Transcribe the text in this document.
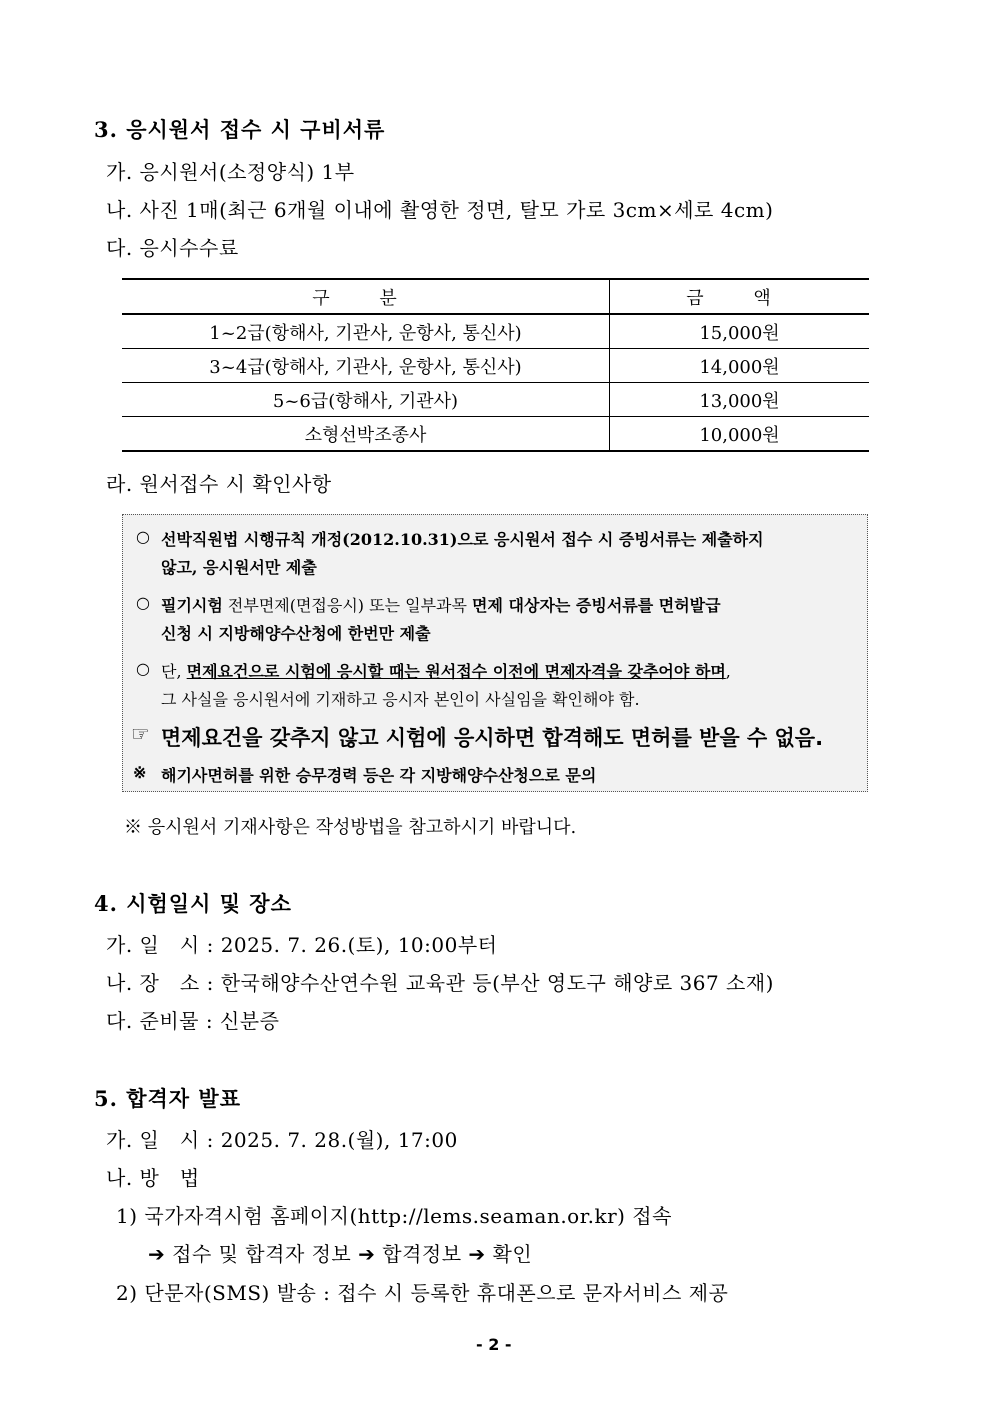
3. 응시원서 접수 시 구비서류
가. 응시원서(소정양식) 1부
나. 사진 1매(최근 6개월 이내에 촬영한 정면, 탈모 가로 3cm×세로 4cm)
다. 응시수수료
구 분	금 액
1~2급(항해사, 기관사, 운항사, 통신사)	15,000원
3~4급(항해사, 기관사, 운항사, 통신사)	14,000원
5~6급(항해사, 기관사)	13,000원
소형선박조종사	10,000원
라. 원서접수 시 확인사항
○ 선박직원법 시행규칙 개정(2012.10.31)으로 응시원서 접수 시 증빙서류는 제출하지
않고, 응시원서만 제출
○ 필기시험 전부면제(면접응시) 또는 일부과목 면제 대상자는 증빙서류를 면허발급
신청 시 지방해양수산청에 한번만 제출
○ 단, 면제요건으로 시험에 응시할 때는 원서접수 이전에 면제자격을 갖추어야 하며,
그 사실을 응시원서에 기재하고 응시자 본인이 사실임을 확인해야 함.
☞ 면제요건을 갖추지 않고 시험에 응시하면 합격해도 면허를 받을 수 없음.
※ 해기사면허를 위한 승무경력 등은 각 지방해양수산청으로 문의
※ 응시원서 기재사항은 작성방법을 참고하시기 바랍니다.
4. 시험일시 및 장소
가. 일   시 : 2025. 7. 26.(토), 10:00부터
나. 장   소 : 한국해양수산연수원 교육관 등(부산 영도구 해양로 367 소재)
다. 준비물 : 신분증
5. 합격자 발표
가. 일   시 : 2025. 7. 28.(월), 17:00
나. 방   법
1) 국가자격시험 홈페이지(http://lems.seaman.or.kr) 접속
➔ 접수 및 합격자 정보 ➔ 합격정보 ➔ 확인
2) 단문자(SMS) 발송 : 접수 시 등록한 휴대폰으로 문자서비스 제공
- 2 -
